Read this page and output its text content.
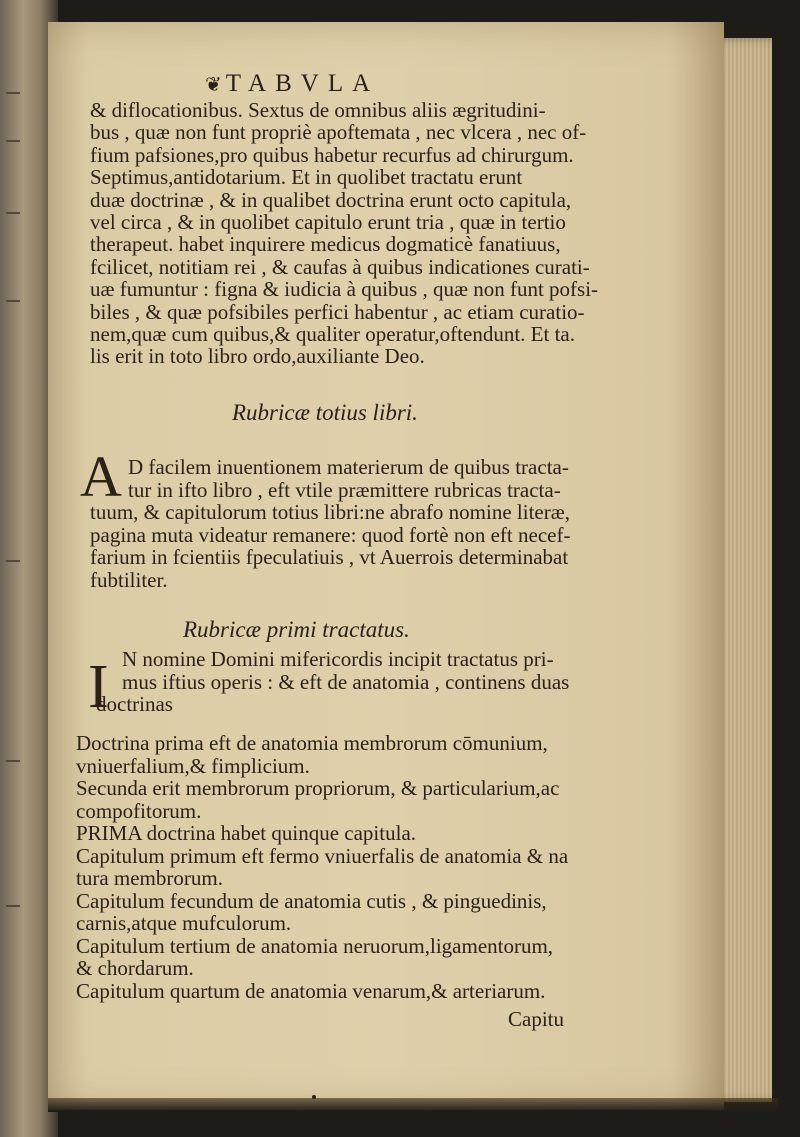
❦ TABVLA
& diflocationibus. Sextus de omnibus aliis ægritudini-
bus , quæ non funt propriè apoftemata , nec vlcera , nec of-
fium pafsiones,pro quibus habetur recurfus ad chirurgum.
Septimus,antidotarium. Et in quolibet tractatu erunt
duæ doctrinæ , & in qualibet doctrina erunt octo capitula,
vel circa , & in quolibet capitulo erunt tria , quæ in tertio
therapeut. habet inquirere medicus dogmaticè fanatiuus,
fcilicet, notitiam rei , & caufas à quibus indicationes curati-
uæ fumuntur : figna & iudicia à quibus , quæ non funt pofsi-
biles , & quæ pofsibiles perfici habentur , ac etiam curatio-
nem,quæ cum quibus,& qualiter operatur,oftendunt. Et ta.
lis erit in toto libro ordo,auxiliante Deo.
Rubricæ totius libri.
A D facilem inuentionem materierum de quibus tracta-
tur in ifto libro , eft vtile præmittere rubricas tracta-
tuum, & capitulorum totius libri:ne abrafo nomine literæ,
pagina muta videatur remanere: quod fortè non eft necef-
farium in fcientiis fpeculatiuis , vt Auerrois determinabat
fubtiliter.
Rubricæ primi tractatus.
I N nomine Domini mifericordis incipit tractatus pri-
mus iftius operis : & eft de anatomia , continens duas
doctrinas
Doctrina prima eft de anatomia membrorum cōmunium,
vniuerfalium,& fimplicium.
Secunda erit membrorum propriorum, & particularium,ac
compofitorum.
PRIMA doctrina habet quinque capitula.
Capitulum primum eft fermo vniuerfalis de anatomia & na
tura membrorum.
Capitulum fecundum de anatomia cutis , & pinguedinis,
carnis,atque mufculorum.
Capitulum tertium de anatomia neruorum,ligamentorum,
& chordarum.
Capitulum quartum de anatomia venarum,& arteriarum.
Capitu
